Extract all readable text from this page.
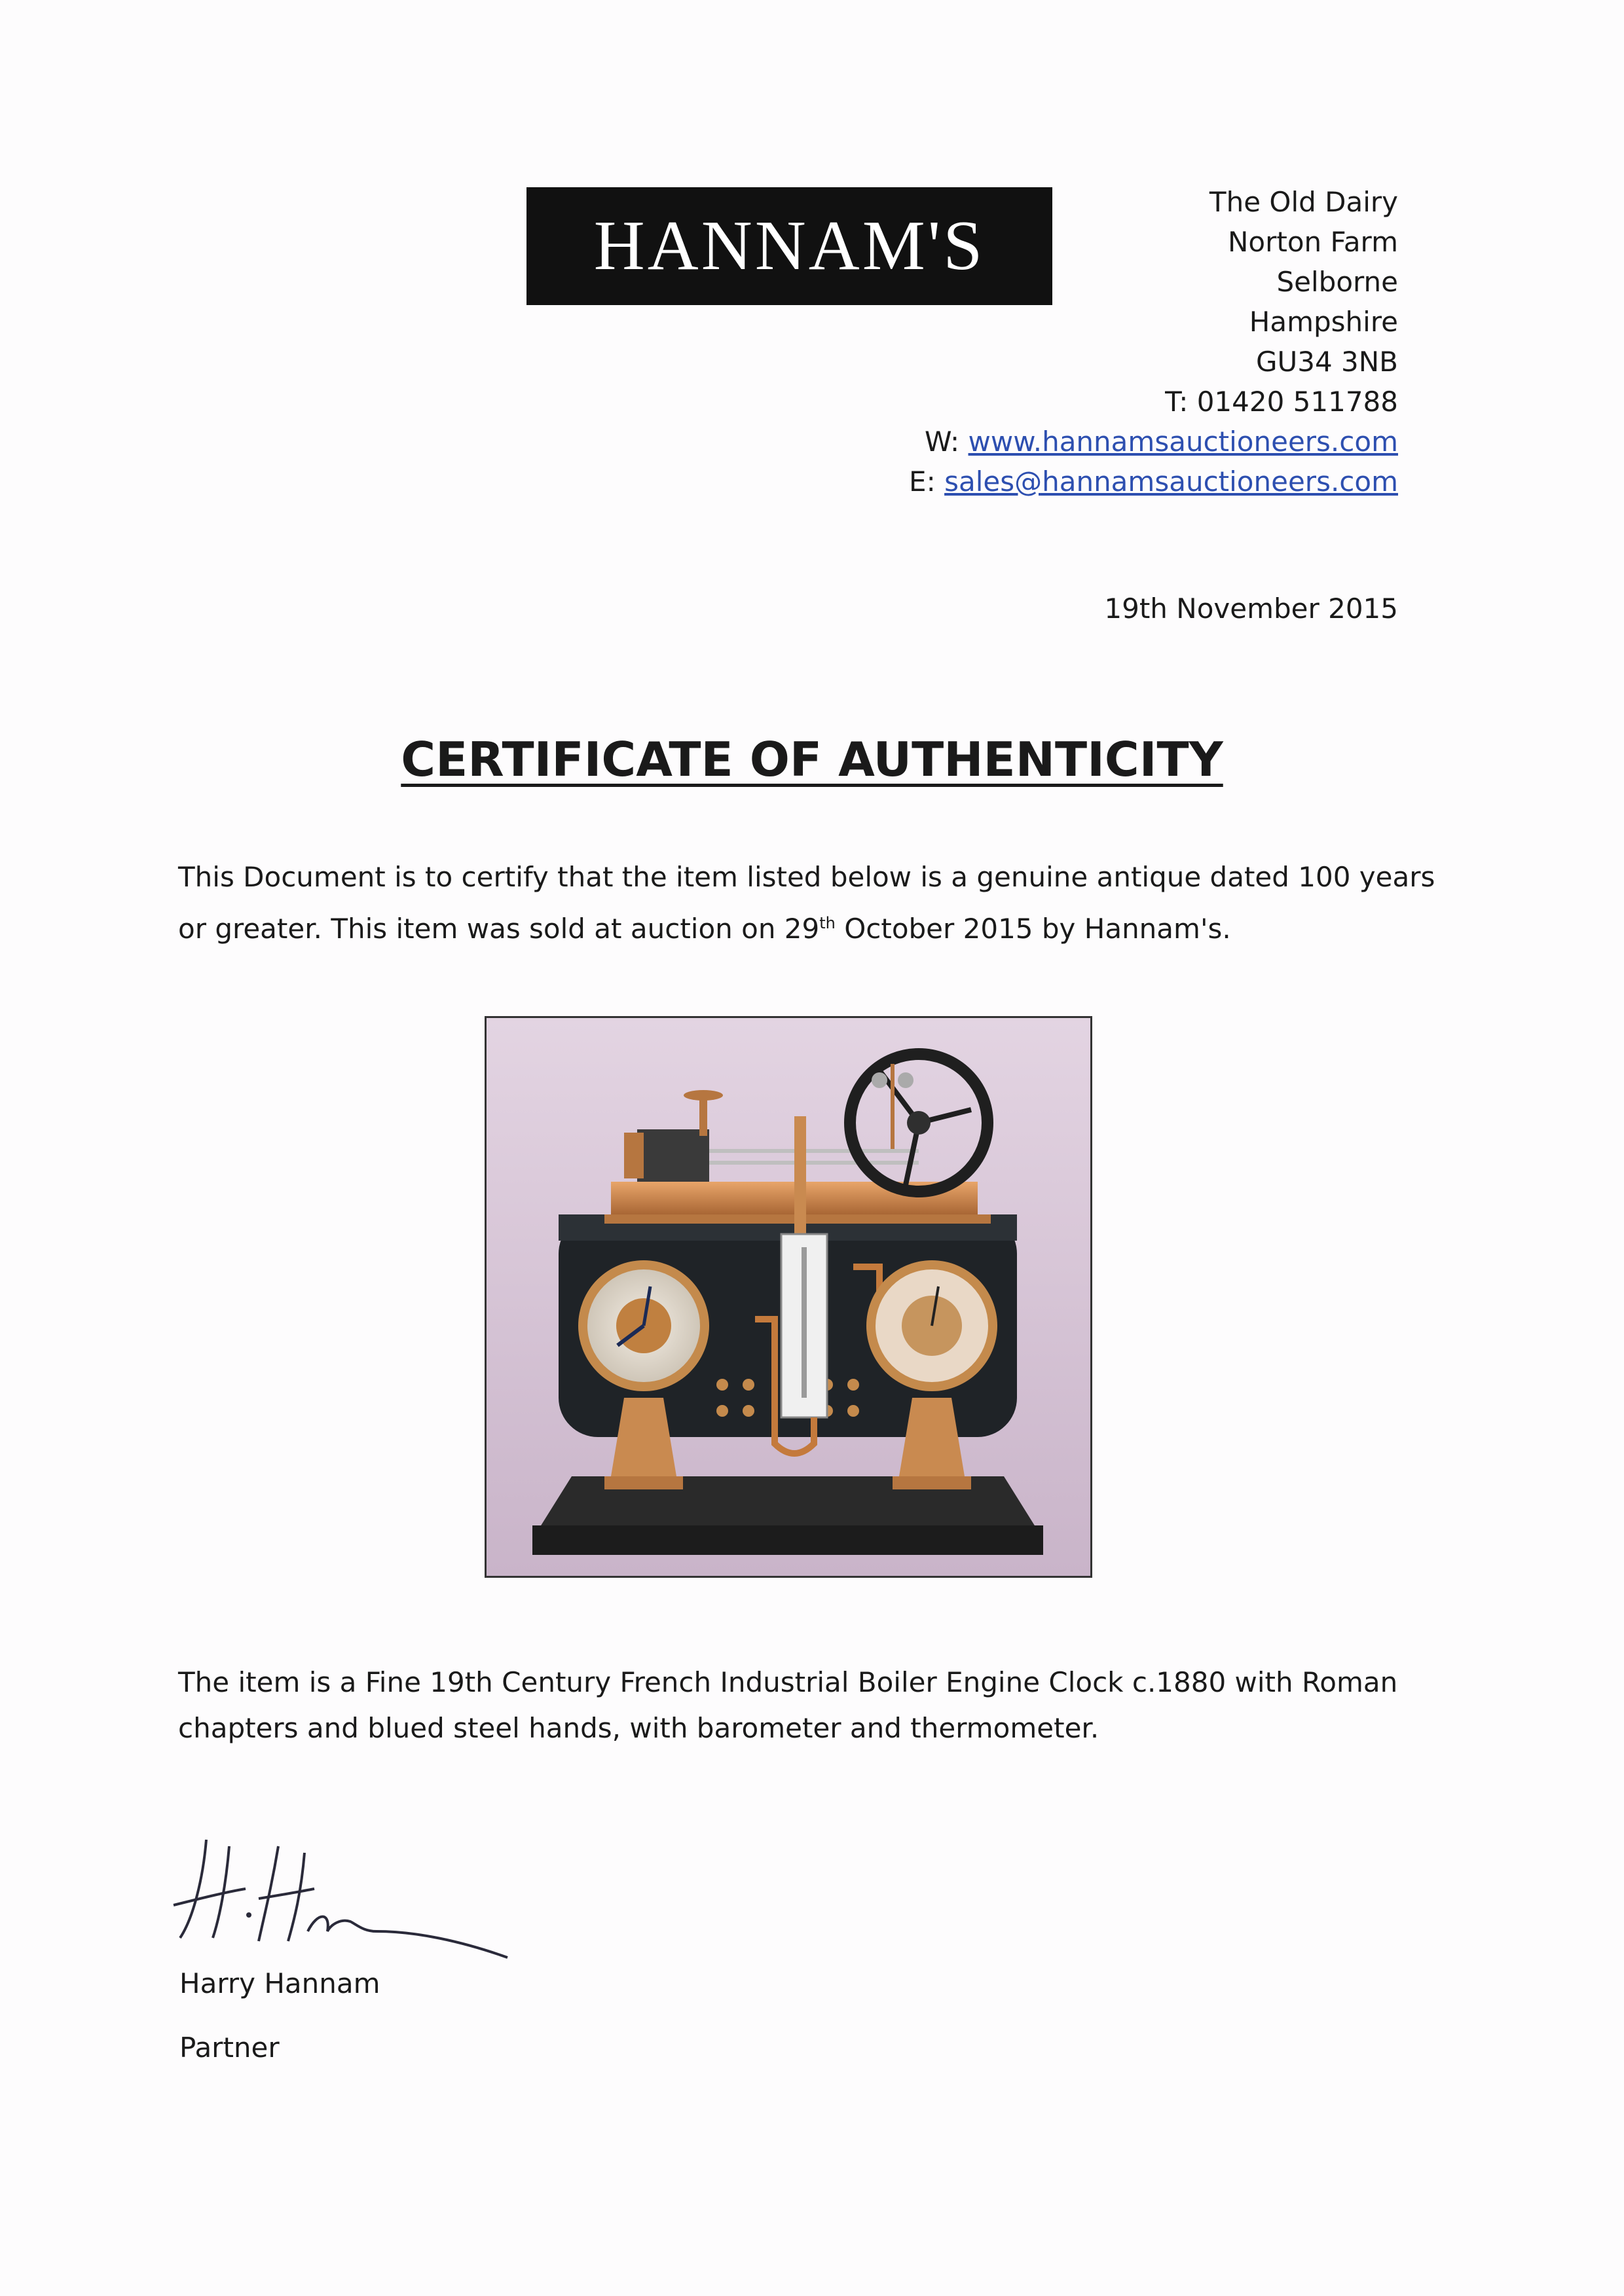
HANNAM'S
The Old Dairy
Norton Farm
Selborne
Hampshire
GU34 3NB
T: 01420 511788
W: www.hannamsauctioneers.com
E: sales@hannamsauctioneers.com
19th November 2015
CERTIFICATE OF AUTHENTICITY
This Document is to certify that the item listed below is a genuine antique dated 100 years or greater. This item was sold at auction on 29th October 2015 by Hannam's.
The item is a Fine 19th Century French Industrial Boiler Engine Clock c.1880 with Roman chapters and blued steel hands, with barometer and thermometer.
Harry Hannam
Partner
